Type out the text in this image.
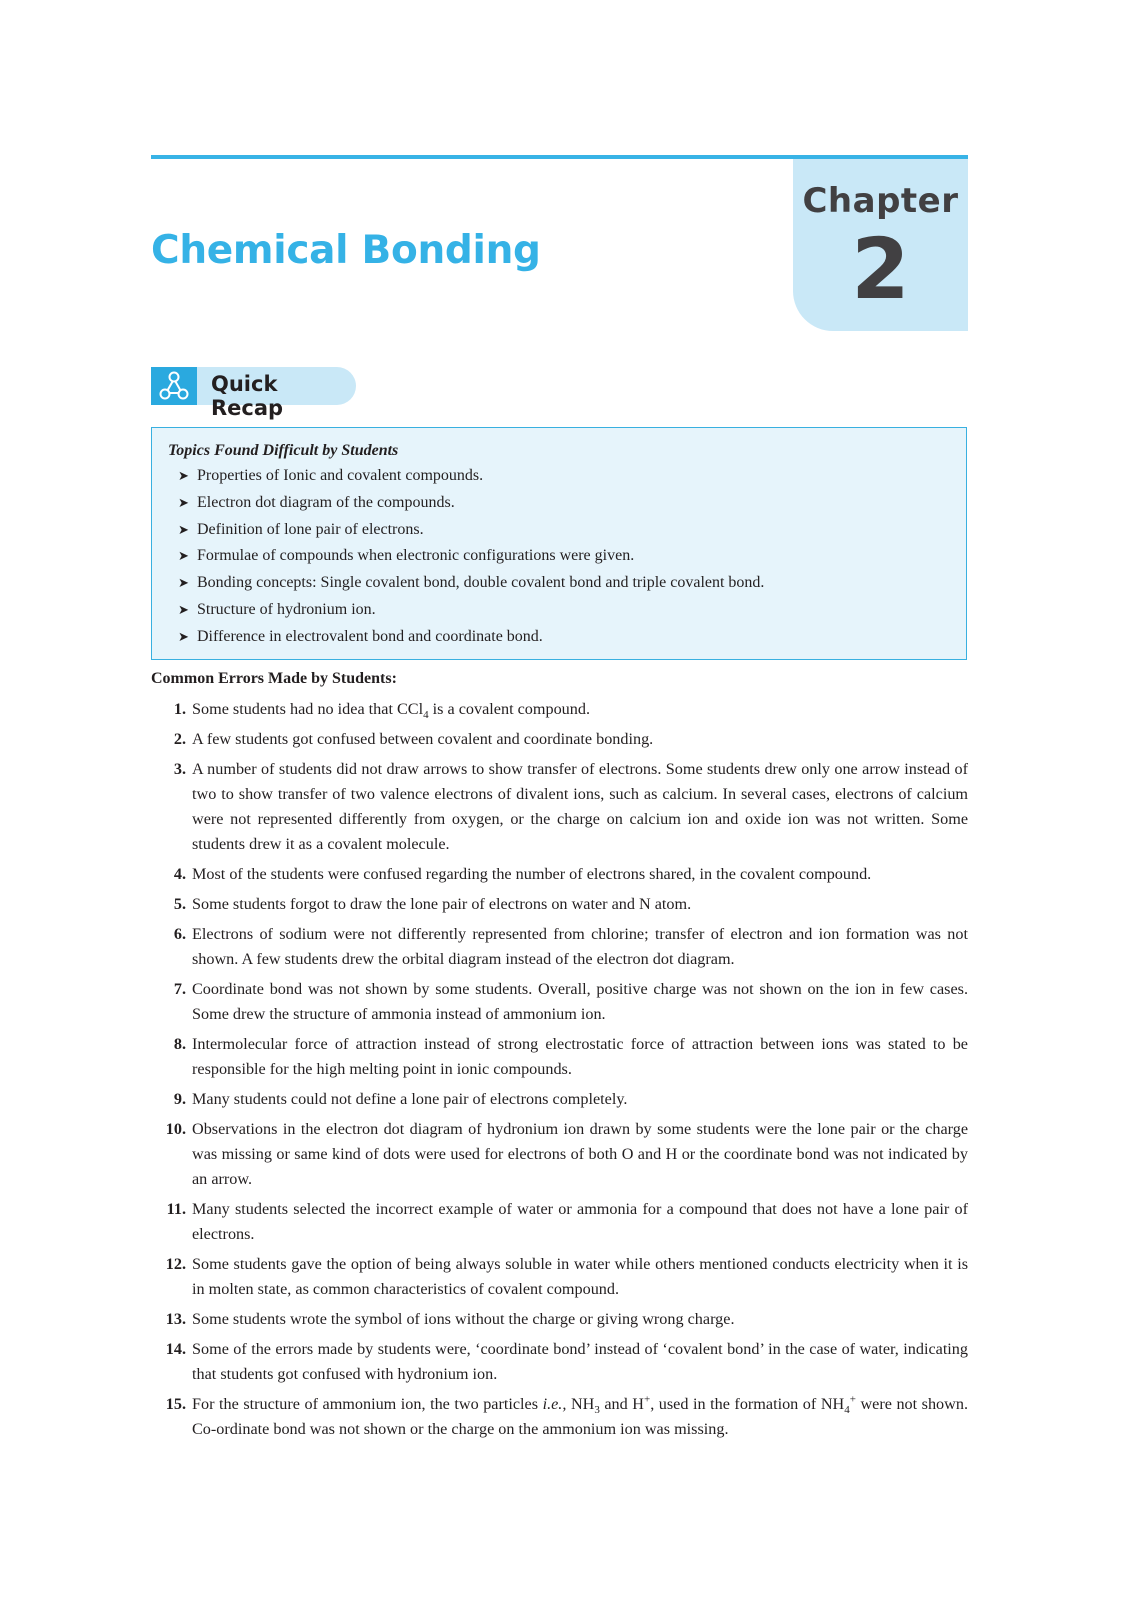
Chapter
2
Chemical Bonding
Quick Recap
Topics Found Difficult by Students
➤ Properties of Ionic and covalent compounds.
➤ Electron dot diagram of the compounds.
➤ Definition of lone pair of electrons.
➤ Formulae of compounds when electronic configurations were given.
➤ Bonding concepts: Single covalent bond, double covalent bond and triple covalent bond.
➤ Structure of hydronium ion.
➤ Difference in electrovalent bond and coordinate bond.

Common Errors Made by Students:

1. Some students had no idea that CCl$_4$ is a covalent compound.
2. A few students got confused between covalent and coordinate bonding.
3. A number of students did not draw arrows to show transfer of electrons. Some students drew only one arrow instead of two to show transfer of two valence electrons of divalent ions, such as calcium. In several cases, electrons of calcium were not represented differently from oxygen, or the charge on calcium ion and oxide ion was not written. Some students drew it as a covalent molecule.
4. Most of the students were confused regarding the number of electrons shared, in the covalent compound.
5. Some students forgot to draw the lone pair of electrons on water and N atom.
6. Electrons of sodium were not differently represented from chlorine; transfer of electron and ion formation was not shown. A few students drew the orbital diagram instead of the electron dot diagram.
7. Coordinate bond was not shown by some students. Overall, positive charge was not shown on the ion in few cases. Some drew the structure of ammonia instead of ammonium ion.
8. Intermolecular force of attraction instead of strong electrostatic force of attraction between ions was stated to be responsible for the high melting point in ionic compounds.
9. Many students could not define a lone pair of electrons completely.
10. Observations in the electron dot diagram of hydronium ion drawn by some students were the lone pair or the charge was missing or same kind of dots were used for electrons of both O and H or the coordinate bond was not indicated by an arrow.
11. Many students selected the incorrect example of water or ammonia for a compound that does not have a lone pair of electrons.
12. Some students gave the option of being always soluble in water while others mentioned conducts electricity when it is in molten state, as common characteristics of covalent compound.
13. Some students wrote the symbol of ions without the charge or giving wrong charge.
14. Some of the errors made by students were, ‘coordinate bond’ instead of ‘covalent bond’ in the case of water, indicating that students got confused with hydronium ion.
15. For the structure of ammonium ion, the two particles i.e., $NH_3$ and H+, used in the formation of $NH_4^+$ were not shown. Co-ordinate bond was not shown or the charge on the ammonium ion was missing.
